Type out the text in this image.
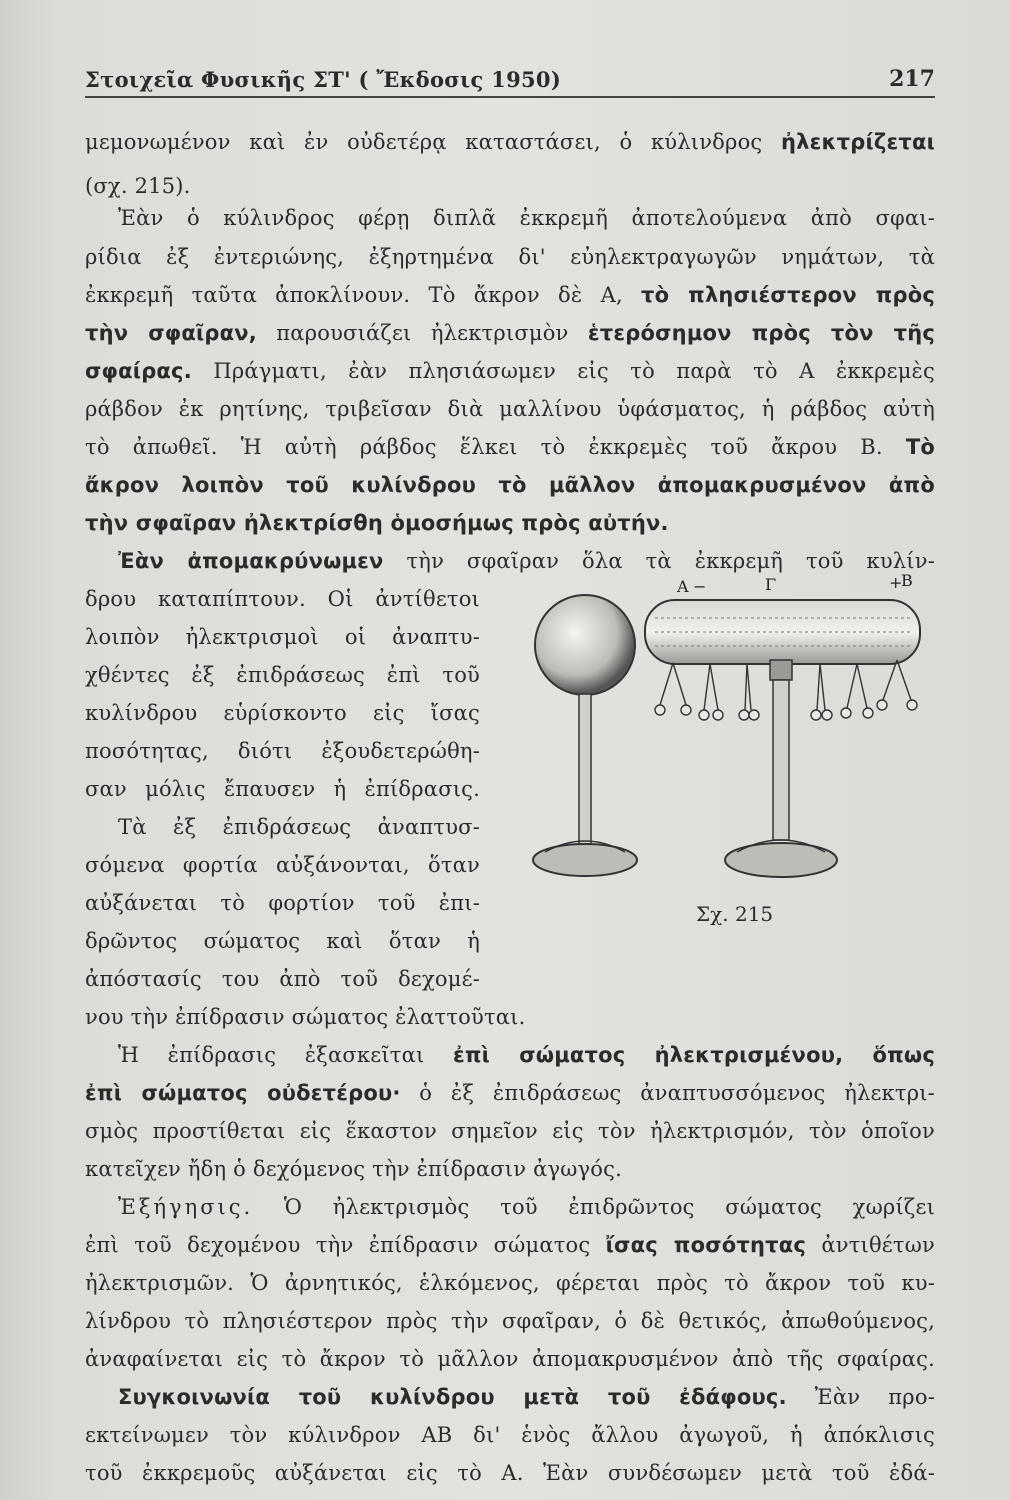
Στοιχεῖα Φυσικῆς ΣΤ' ( Ἔκδοσις 1950)	217
μεμονωμένον καὶ ἐν οὐδετέρᾳ καταστάσει, ὁ κύλινδρος ἠλεκτρίζεται
(σχ. 215).
Ἐὰν ὁ κύλινδρος φέρῃ διπλᾶ ἐκκρεμῆ ἀποτελούμενα ἀπὸ σφαι-
ρίδια ἐξ ἐντεριώνης, ἐξηρτημένα δι' εὐηλεκτραγωγῶν νημάτων, τὰ
ἐκκρεμῆ ταῦτα ἀποκλίνουν. Τὸ ἄκρον δὲ Α, τὸ πλησιέστερον πρὸς
τὴν σφαῖραν, παρουσιάζει ἠλεκτρισμὸν ἑτερόσημον πρὸς τὸν τῆς
σφαίρας. Πράγματι, ἐὰν πλησιάσωμεν εἰς τὸ παρὰ τὸ Α ἐκκρεμὲς
ράβδον ἐκ ρητίνης, τριβεῖσαν διὰ μαλλίνου ὑφάσματος, ἡ ράβδος αὐτὴ
τὸ ἀπωθεῖ. Ἡ αὐτὴ ράβδος ἕλκει τὸ ἐκκρεμὲς τοῦ ἄκρου Β. Τὸ
ἄκρον λοιπὸν τοῦ κυλίνδρου τὸ μᾶλλον ἀπομακρυσμένον ἀπὸ
τὴν σφαῖραν ἠλεκτρίσθη ὁμοσήμως πρὸς αὐτήν.
Ἐὰν ἀπομακρύνωμεν τὴν σφαῖραν ὅλα τὰ ἐκκρεμῆ τοῦ κυλίν-
δρου καταπίπτουν. Οἱ ἀντίθετοι
λοιπὸν ἠλεκτρισμοὶ οἱ ἀναπτυ-
χθέντες ἐξ ἐπιδράσεως ἐπὶ τοῦ
κυλίνδρου εὑρίσκοντο εἰς ἴσας
ποσότητας, διότι ἐξουδετερώθη-
σαν μόλις ἔπαυσεν ἡ ἐπίδρασις.
Τὰ ἐξ ἐπιδράσεως ἀναπτυσ-
σόμενα φορτία αὐξάνονται, ὅταν
αὐξάνεται τὸ φορτίον τοῦ ἐπι-
δρῶντος σώματος καὶ ὅταν ἡ
ἀπόστασίς του ἀπὸ τοῦ δεχομέ-
νου τὴν ἐπίδρασιν σώματος ἐλαττοῦται.
Ἡ ἐπίδρασις ἐξασκεῖται ἐπὶ σώματος ἠλεκτρισμένου, ὅπως
ἐπὶ σώματος οὐδετέρου· ὁ ἐξ ἐπιδράσεως ἀναπτυσσόμενος ἠλεκτρι-
σμὸς προστίθεται εἰς ἕκαστον σημεῖον εἰς τὸν ἠλεκτρισμόν, τὸν ὁποῖον
κατεῖχεν ἤδη ὁ δεχόμενος τὴν ἐπίδρασιν ἀγωγός.
Ἐξήγησις. Ὁ ἠλεκτρισμὸς τοῦ ἐπιδρῶντος σώματος χωρίζει
ἐπὶ τοῦ δεχομένου τὴν ἐπίδρασιν σώματος ἴσας ποσότητας ἀντιθέτων
ἠλεκτρισμῶν. Ὁ ἀρνητικός, ἑλκόμενος, φέρεται πρὸς τὸ ἄκρον τοῦ κυ-
λίνδρου τὸ πλησιέστερον πρὸς τὴν σφαῖραν, ὁ δὲ θετικός, ἀπωθούμενος,
ἀναφαίνεται εἰς τὸ ἄκρον τὸ μᾶλλον ἀπομακρυσμένον ἀπὸ τῆς σφαίρας.
Συγκοινωνία τοῦ κυλίνδρου μετὰ τοῦ ἐδάφους. Ἐὰν προ-
εκτείνωμεν τὸν κύλινδρον ΑΒ δι' ἑνὸς ἄλλου ἀγωγοῦ, ἡ ἀπόκλισις
τοῦ ἐκκρεμοῦς αὐξάνεται εἰς τὸ Α. Ἐὰν συνδέσωμεν μετὰ τοῦ ἐδά-
Α −	Γ	+
Β
Σχ. 215
